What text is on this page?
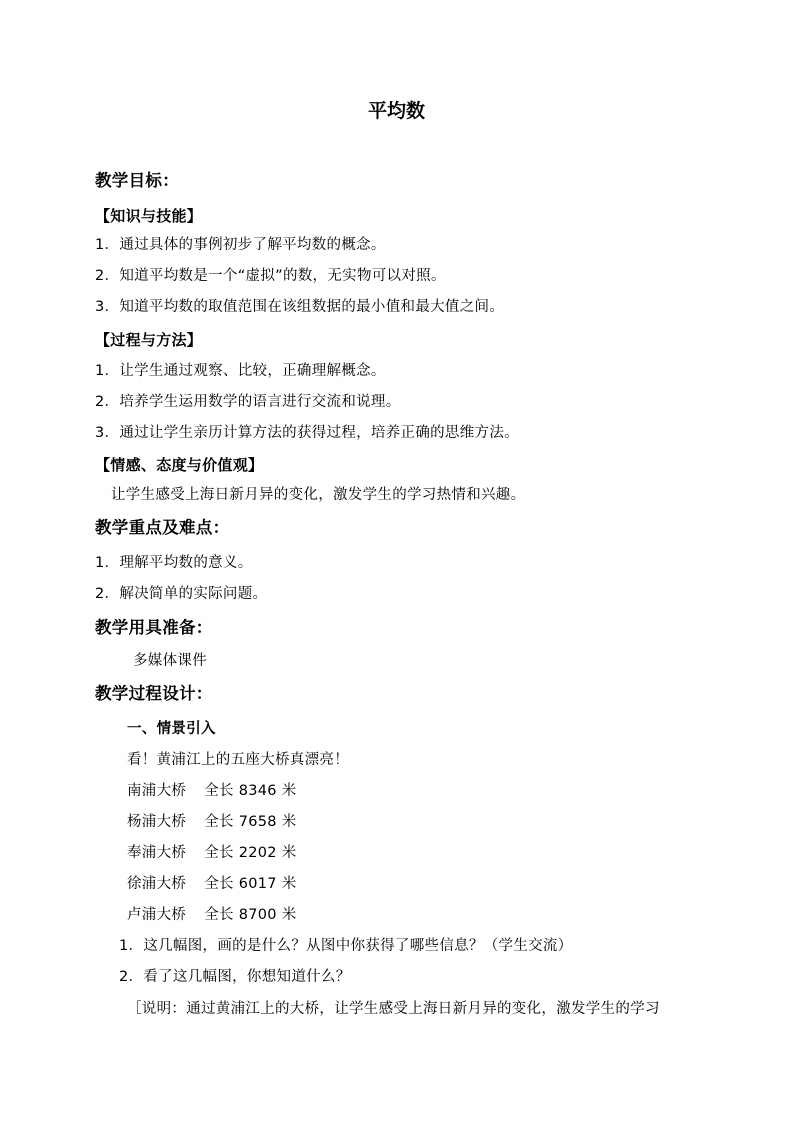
平均数
教学目标：
【知识与技能】
1．通过具体的事例初步了解平均数的概念。
2．知道平均数是一个“虚拟”的数，无实物可以对照。
3．知道平均数的取值范围在该组数据的最小值和最大值之间。
【过程与方法】
1．让学生通过观察、比较，正确理解概念。
2．培养学生运用数学的语言进行交流和说理。
3．通过让学生亲历计算方法的获得过程，培养正确的思维方法。
【情感、态度与价值观】
让学生感受上海日新月异的变化，激发学生的学习热情和兴趣。
教学重点及难点：
1．理解平均数的意义。
2．解决简单的实际问题。
教学用具准备：
多媒体课件
教学过程设计：
一、情景引入
看！黄浦江上的五座大桥真漂亮！
南浦大桥 全长 8346 米
杨浦大桥 全长 7658 米
奉浦大桥 全长 2202 米
徐浦大桥 全长 6017 米
卢浦大桥 全长 8700 米
1．这几幅图，画的是什么？从图中你获得了哪些信息？（学生交流）
2．看了这几幅图，你想知道什么？
［说明：通过黄浦江上的大桥，让学生感受上海日新月异的变化，激发学生的学习
